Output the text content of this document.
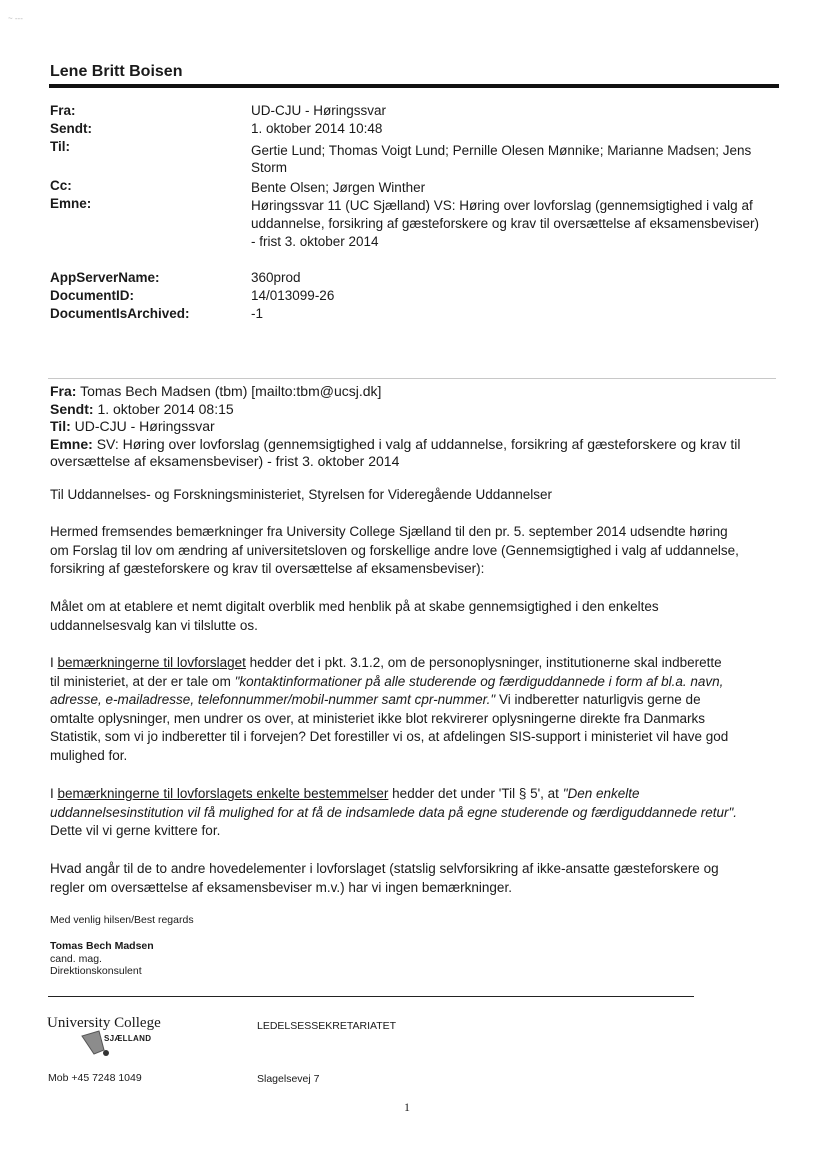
~ ---
Lene Britt Boisen
Fra:	UD-CJU - Høringssvar
Sendt:	1. oktober 2014 10:48
Til:	Gertie Lund; Thomas Voigt Lund; Pernille Olesen Mønnike; Marianne Madsen; Jens
Storm
Cc:	Bente Olsen; Jørgen Winther
Emne:	Høringssvar 11 (UC Sjælland) VS: Høring over lovforslag (gennemsigtighed i valg af
uddannelse, forsikring af gæsteforskere og krav til oversættelse af eksamensbeviser)
- frist 3. oktober 2014
AppServerName:	360prod
DocumentID:	14/013099-26
DocumentIsArchived:	-1
Fra: Tomas Bech Madsen (tbm) [mailto:tbm@ucsj.dk]
Sendt: 1. oktober 2014 08:15
Til: UD-CJU - Høringssvar
Emne: SV: Høring over lovforslag (gennemsigtighed i valg af uddannelse, forsikring af gæsteforskere og krav til
oversættelse af eksamensbeviser) - frist 3. oktober 2014
Til Uddannelses- og Forskningsministeriet, Styrelsen for Videregående Uddannelser
Hermed fremsendes bemærkninger fra University College Sjælland til den pr. 5. september 2014 udsendte høring
om Forslag til lov om ændring af universitetsloven og forskellige andre love (Gennemsigtighed i valg af uddannelse,
forsikring af gæsteforskere og krav til oversættelse af eksamensbeviser):
Målet om at etablere et nemt digitalt overblik med henblik på at skabe gennemsigtighed i den enkeltes
uddannelsesvalg kan vi tilslutte os.
I bemærkningerne til lovforslaget hedder det i pkt. 3.1.2, om de personoplysninger, institutionerne skal indberette
til ministeriet, at der er tale om "kontaktinformationer på alle studerende og færdiguddannede i form af bl.a. navn,
adresse, e-mailadresse, telefonnummer/mobil-nummer samt cpr-nummer." Vi indberetter naturligvis gerne de
omtalte oplysninger, men undrer os over, at ministeriet ikke blot rekvirerer oplysningerne direkte fra Danmarks
Statistik, som vi jo indberetter til i forvejen? Det forestiller vi os, at afdelingen SIS-support i ministeriet vil have god
mulighed for.
I bemærkningerne til lovforslagets enkelte bestemmelser hedder det under 'Til § 5', at "Den enkelte
uddannelsesinstitution vil få mulighed for at få de indsamlede data på egne studerende og færdiguddannede retur".
Dette vil vi gerne kvittere for.
Hvad angår til de to andre hovedelementer i lovforslaget (statslig selvforsikring af ikke-ansatte gæsteforskere og
regler om oversættelse af eksamensbeviser m.v.) har vi ingen bemærkninger.
Med venlig hilsen/Best regards
Tomas Bech Madsen
cand. mag.
Direktionskonsulent
University College
SJÆLLAND
LEDELSESSEKRETARIATET
Mob +45 7248 1049	Slagelsevej 7
1
